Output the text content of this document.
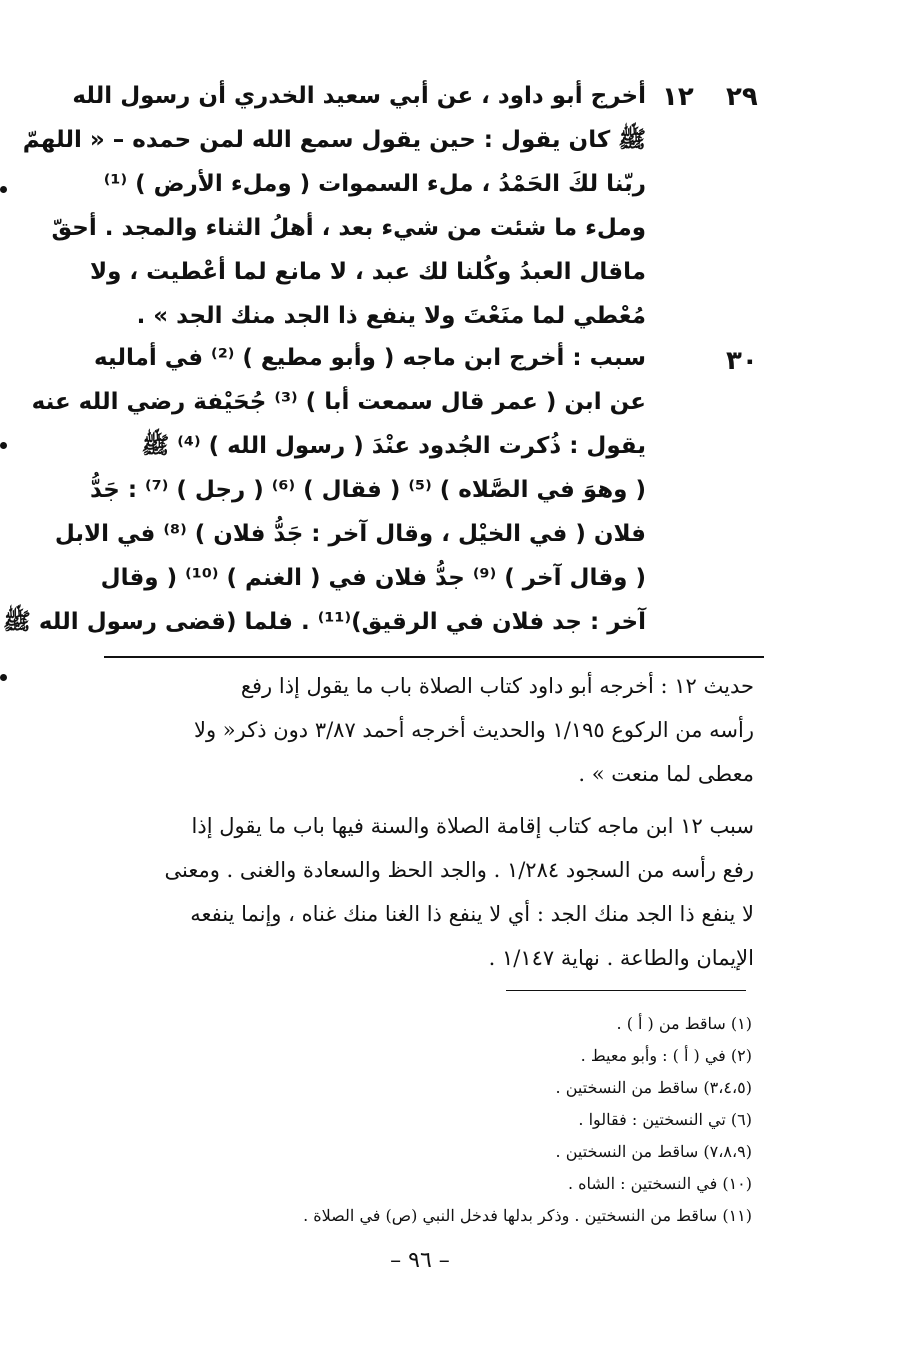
٢٩
١٢
أخرج أبو داود ، عن أبي سعيد الخدري أن رسول الله
ﷺ كان يقول : حين يقول سمع الله لمن حمده – « اللهمّ
ربّنا لكَ الحَمْدُ ، ملء السموات ( وملء الأرض ) ⁽¹⁾
وملء ما شئت من شيء بعد ، أهلُ الثناء والمجد . أحقّ
ماقال العبدُ وكُلنا لك عبد ، لا مانع لما أعْطيت ، ولا
مُعْطي لما منَعْتَ ولا ينفع ذا الجد منك الجد » .
٣٠
سبب : أخرج ابن ماجه ( وأبو مطيع ) ⁽²⁾ في أماليه
عن ابن ( عمر قال سمعت أبا ) ⁽³⁾ جُحَيْفة رضي الله عنه
يقول : ذُكرت الجُدود عنْدَ ( رسول الله ) ⁽⁴⁾ ﷺ
( وهوَ في الصَّلاه ) ⁽⁵⁾ ( فقال ) ⁽⁶⁾ ( رجل ) ⁽⁷⁾ : جَدُّ
فلان ( في الخيْل ، وقال آخر : جَدُّ فلان ) ⁽⁸⁾ في الابل
( وقال آخر ) ⁽⁹⁾ جدُّ فلان في ( الغنم ) ⁽¹⁰⁾ ( وقال
آخر : جد فلان في الرقيق)⁽¹¹⁾ . فلما (قضى رسول الله ﷺ
حديث ١٢ : أخرجه أبو داود كتاب الصلاة باب ما يقول إذا رفع
رأسه من الركوع ١/١٩٥ والحديث أخرجه أحمد ٣/٨٧ دون ذكر« ولا
معطى لما منعت » .
سبب ١٢ ابن ماجه كتاب إقامة الصلاة والسنة فيها باب ما يقول إذا
رفع رأسه من السجود ١/٢٨٤ . والجد الحظ والسعادة والغنى . ومعنى
لا ينفع ذا الجد منك الجد : أي لا ينفع ذا الغنا منك غناه ، وإنما ينفعه
الإيمان والطاعة . نهاية ١/١٤٧ .
(١) ساقط من ( أ ) .
(٢) في ( أ ) : وأبو معيط .
(٣،٤،٥) ساقط من النسختين .
(٦) تي النسختين : فقالوا .
(٧،٨،٩) ساقط من النسختين .
(١٠) في النسختين : الشاه .
(١١) ساقط من النسختين . وذكر بدلها فدخل النبي (ص) في الصلاة .
– ٩٦ –
